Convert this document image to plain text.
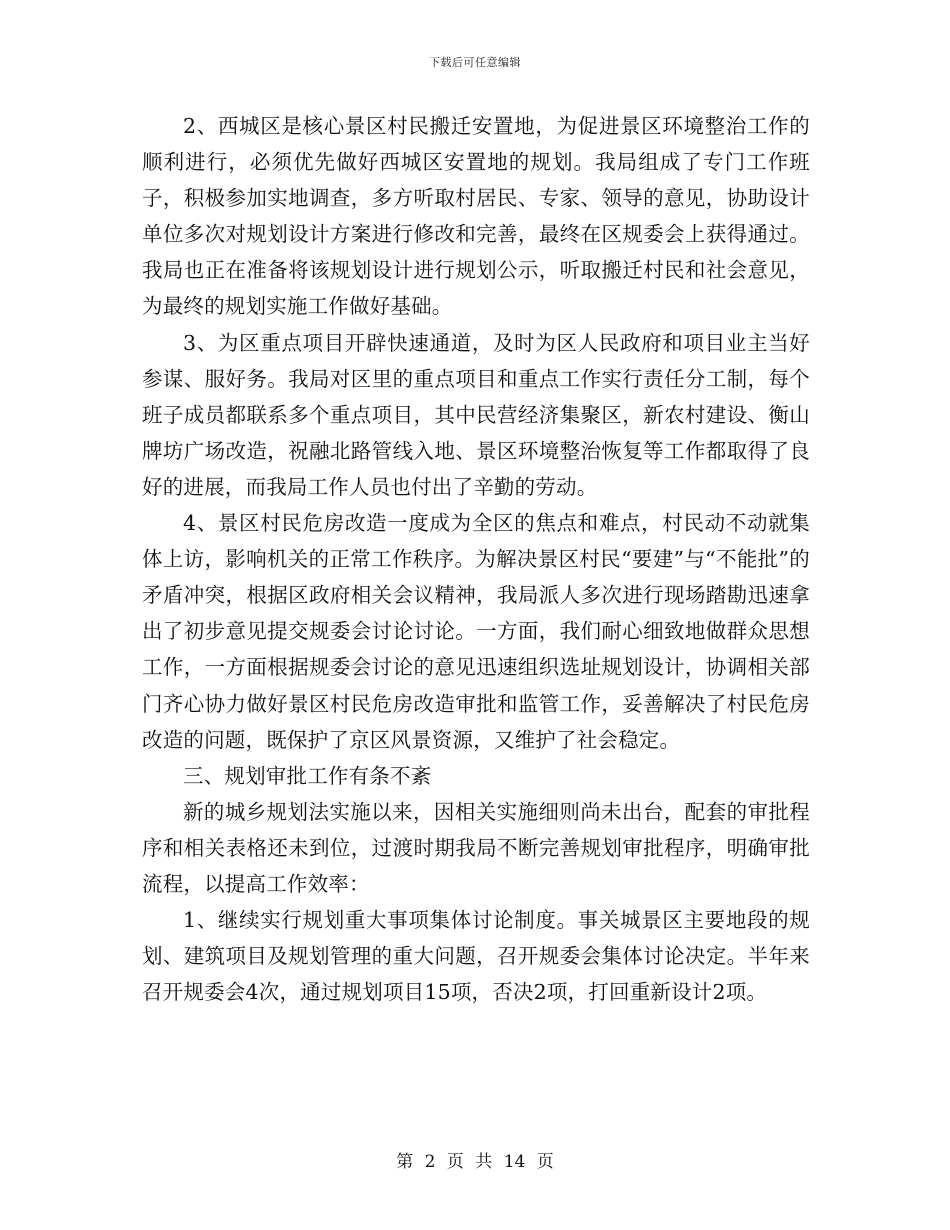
下载后可任意编辑

2、西城区是核心景区村民搬迁安置地，为促进景区环境整治工作的顺利进行，必须优先做好西城区安置地的规划。我局组成了专门工作班子，积极参加实地调查，多方听取村居民、专家、领导的意见，协助设计单位多次对规划设计方案进行修改和完善，最终在区规委会上获得通过。我局也正在准备将该规划设计进行规划公示，听取搬迁村民和社会意见，为最终的规划实施工作做好基础。

3、为区重点项目开辟快速通道，及时为区人民政府和项目业主当好参谋、服好务。我局对区里的重点项目和重点工作实行责任分工制，每个班子成员都联系多个重点项目，其中民营经济集聚区，新农村建设、衡山牌坊广场改造，祝融北路管线入地、景区环境整治恢复等工作都取得了良好的进展，而我局工作人员也付出了辛勤的劳动。

4、景区村民危房改造一度成为全区的焦点和难点，村民动不动就集体上访，影响机关的正常工作秩序。为解决景区村民“要建”与“不能批”的矛盾冲突，根据区政府相关会议精神，我局派人多次进行现场踏勘迅速拿出了初步意见提交规委会讨论讨论。一方面，我们耐心细致地做群众思想工作，一方面根据规委会讨论的意见迅速组织选址规划设计，协调相关部门齐心协力做好景区村民危房改造审批和监管工作，妥善解决了村民危房改造的问题，既保护了京区风景资源，又维护了社会稳定。

三、规划审批工作有条不紊

新的城乡规划法实施以来，因相关实施细则尚未出台，配套的审批程序和相关表格还未到位，过渡时期我局不断完善规划审批程序，明确审批流程，以提高工作效率：

1、继续实行规划重大事项集体讨论制度。事关城景区主要地段的规划、建筑项目及规划管理的重大问题，召开规委会集体讨论决定。半年来召开规委会4次，通过规划项目15项，否决2项，打回重新设计2项。

第 2 页 共 14 页
